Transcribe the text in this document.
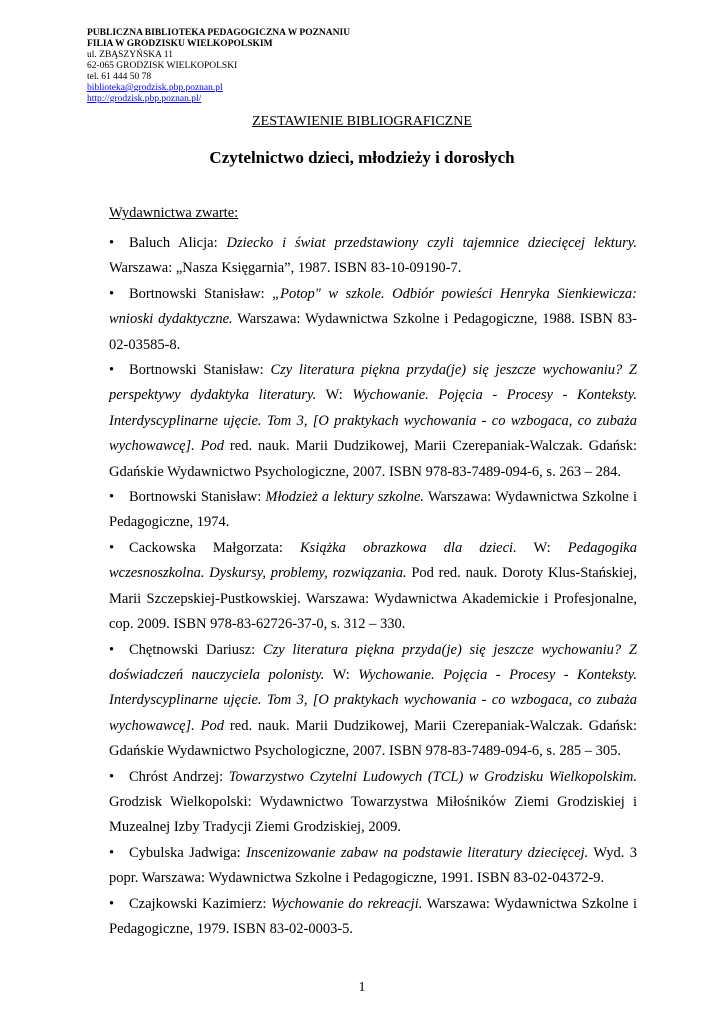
PUBLICZNA BIBLIOTEKA PEDAGOGICZNA W POZNANIU
FILIA W GRODZISKU WIELKOPOLSKIM
ul. ZBĄSZYŃSKA 11
62-065 GRODZISK WIELKOPOLSKI
tel. 61 444 50 78
biblioteka@grodzisk.pbp.poznan.pl
http://grodzisk.pbp.poznan.pl/
ZESTAWIENIE BIBLIOGRAFICZNE
Czytelnictwo dzieci, młodzieży i dorosłych
Wydawnictwa zwarte:

• Baluch Alicja: Dziecko i świat przedstawiony czyli tajemnice dziecięcej lektury. Warszawa: „Nasza Księgarnia”, 1987. ISBN 83-10-09190-7.

• Bortnowski Stanisław: „Potop" w szkole. Odbiór powieści Henryka Sienkiewicza: wnioski dydaktyczne. Warszawa: Wydawnictwa Szkolne i Pedagogiczne, 1988. ISBN 83-02-03585-8.

• Bortnowski Stanisław: Czy literatura piękna przyda(je) się jeszcze wychowaniu? Z perspektywy dydaktyka literatury. W: Wychowanie. Pojęcia - Procesy - Konteksty. Interdyscyplinarne ujęcie. Tom 3, [O praktykach wychowania - co wzbogaca, co zubaża wychowawcę]. Pod red. nauk. Marii Dudzikowej, Marii Czerepaniak-Walczak. Gdańsk: Gdańskie Wydawnictwo Psychologiczne, 2007. ISBN 978-83-7489-094-6, s. 263 – 284.

• Bortnowski Stanisław: Młodzież a lektury szkolne. Warszawa: Wydawnictwa Szkolne i Pedagogiczne, 1974.

• Cackowska Małgorzata: Książka obrazkowa dla dzieci. W: Pedagogika wczesnoszkolna. Dyskursy, problemy, rozwiązania. Pod red. nauk. Doroty Klus-Stańskiej, Marii Szczepskiej-Pustkowskiej. Warszawa: Wydawnictwa Akademickie i Profesjonalne, cop. 2009. ISBN 978-83-62726-37-0, s. 312 – 330.

• Chętnowski Dariusz: Czy literatura piękna przyda(je) się jeszcze wychowaniu? Z doświadczeń nauczyciela polonisty. W: Wychowanie. Pojęcia - Procesy - Konteksty. Interdyscyplinarne ujęcie. Tom 3, [O praktykach wychowania - co wzbogaca, co zubaża wychowawcę]. Pod red. nauk. Marii Dudzikowej, Marii Czerepaniak-Walczak. Gdańsk: Gdańskie Wydawnictwo Psychologiczne, 2007. ISBN 978-83-7489-094-6, s. 285 – 305.

• Chróst Andrzej: Towarzystwo Czytelni Ludowych (TCL) w Grodzisku Wielkopolskim. Grodzisk Wielkopolski: Wydawnictwo Towarzystwa Miłośników Ziemi Grodziskiej i Muzealnej Izby Tradycji Ziemi Grodziskiej, 2009.

• Cybulska Jadwiga: Inscenizowanie zabaw na podstawie literatury dziecięcej. Wyd. 3 popr. Warszawa: Wydawnictwa Szkolne i Pedagogiczne, 1991. ISBN 83-02-04372-9.

• Czajkowski Kazimierz: Wychowanie do rekreacji. Warszawa: Wydawnictwa Szkolne i Pedagogiczne, 1979. ISBN 83-02-0003-5.

1
